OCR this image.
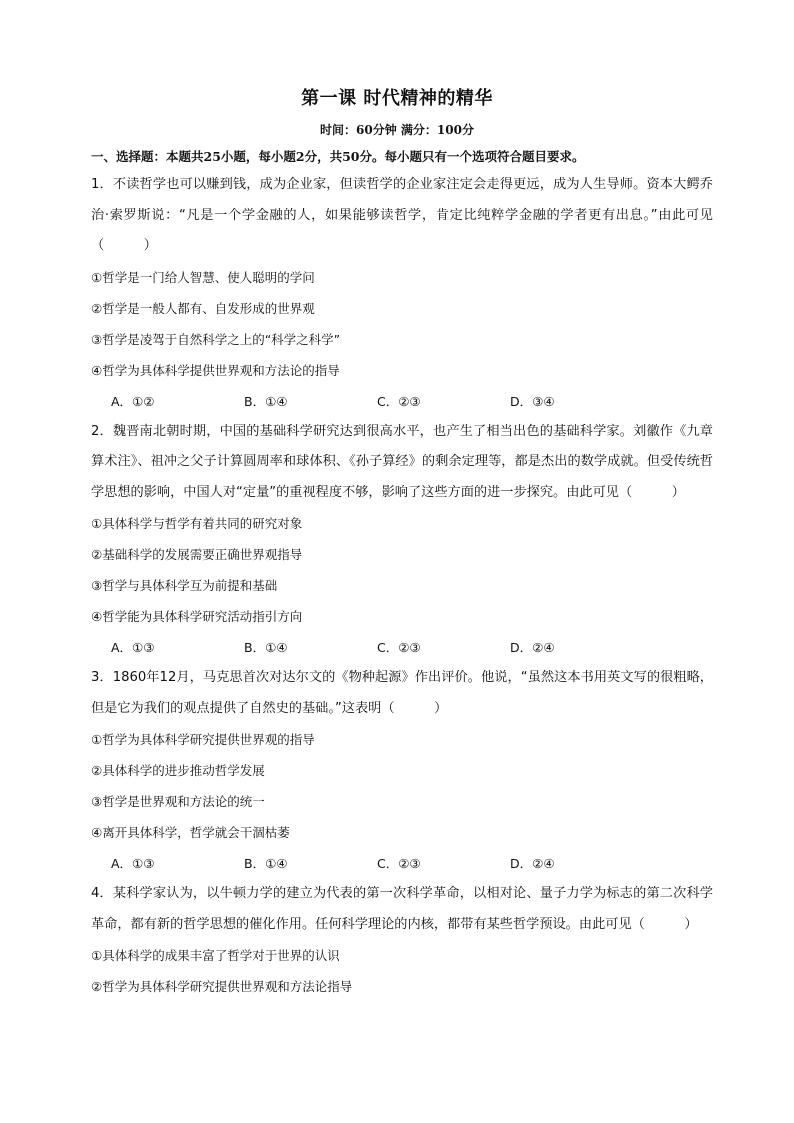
第一课 时代精神的精华
时间：60分钟 满分：100分
一、选择题：本题共25小题，每小题2分，共50分。每小题只有一个选项符合题目要求。

1．不读哲学也可以赚到钱，成为企业家，但读哲学的企业家注定会走得更远，成为人生导师。资本大鳄乔治·索罗斯说：“凡是一个学金融的人，如果能够读哲学，肯定比纯粹学金融的学者更有出息。”由此可见（　　　）

①哲学是一门给人智慧、使人聪明的学问

②哲学是一般人都有、自发形成的世界观

③哲学是凌驾于自然科学之上的“科学之科学”

④哲学为具体科学提供世界观和方法论的指导

A．①②	B．①④	C．②③	D．③④

2．魏晋南北朝时期，中国的基础科学研究达到很高水平，也产生了相当出色的基础科学家。刘徽作《九章算术注》、祖冲之父子计算圆周率和球体积、《孙子算经》的剩余定理等，都是杰出的数学成就。但受传统哲学思想的影响，中国人对“定量”的重视程度不够，影响了这些方面的进一步探究。由此可见（　　　）

①具体科学与哲学有着共同的研究对象

②基础科学的发展需要正确世界观指导

③哲学与具体科学互为前提和基础

④哲学能为具体科学研究活动指引方向

A．①③	B．①④	C．②③	D．②④

3．1860年12月，马克思首次对达尔文的《物种起源》作出评价。他说，“虽然这本书用英文写的很粗略，但是它为我们的观点提供了自然史的基础。”这表明（　　　）

①哲学为具体科学研究提供世界观的指导

②具体科学的进步推动哲学发展

③哲学是世界观和方法论的统一

④离开具体科学，哲学就会干涸枯萎

A．①③	B．①④	C．②③	D．②④

4．某科学家认为，以牛顿力学的建立为代表的第一次科学革命，以相对论、量子力学为标志的第二次科学革命，都有新的哲学思想的催化作用。任何科学理论的内核，都带有某些哲学预设。由此可见（　　　）

①具体科学的成果丰富了哲学对于世界的认识

②哲学为具体科学研究提供世界观和方法论指导
